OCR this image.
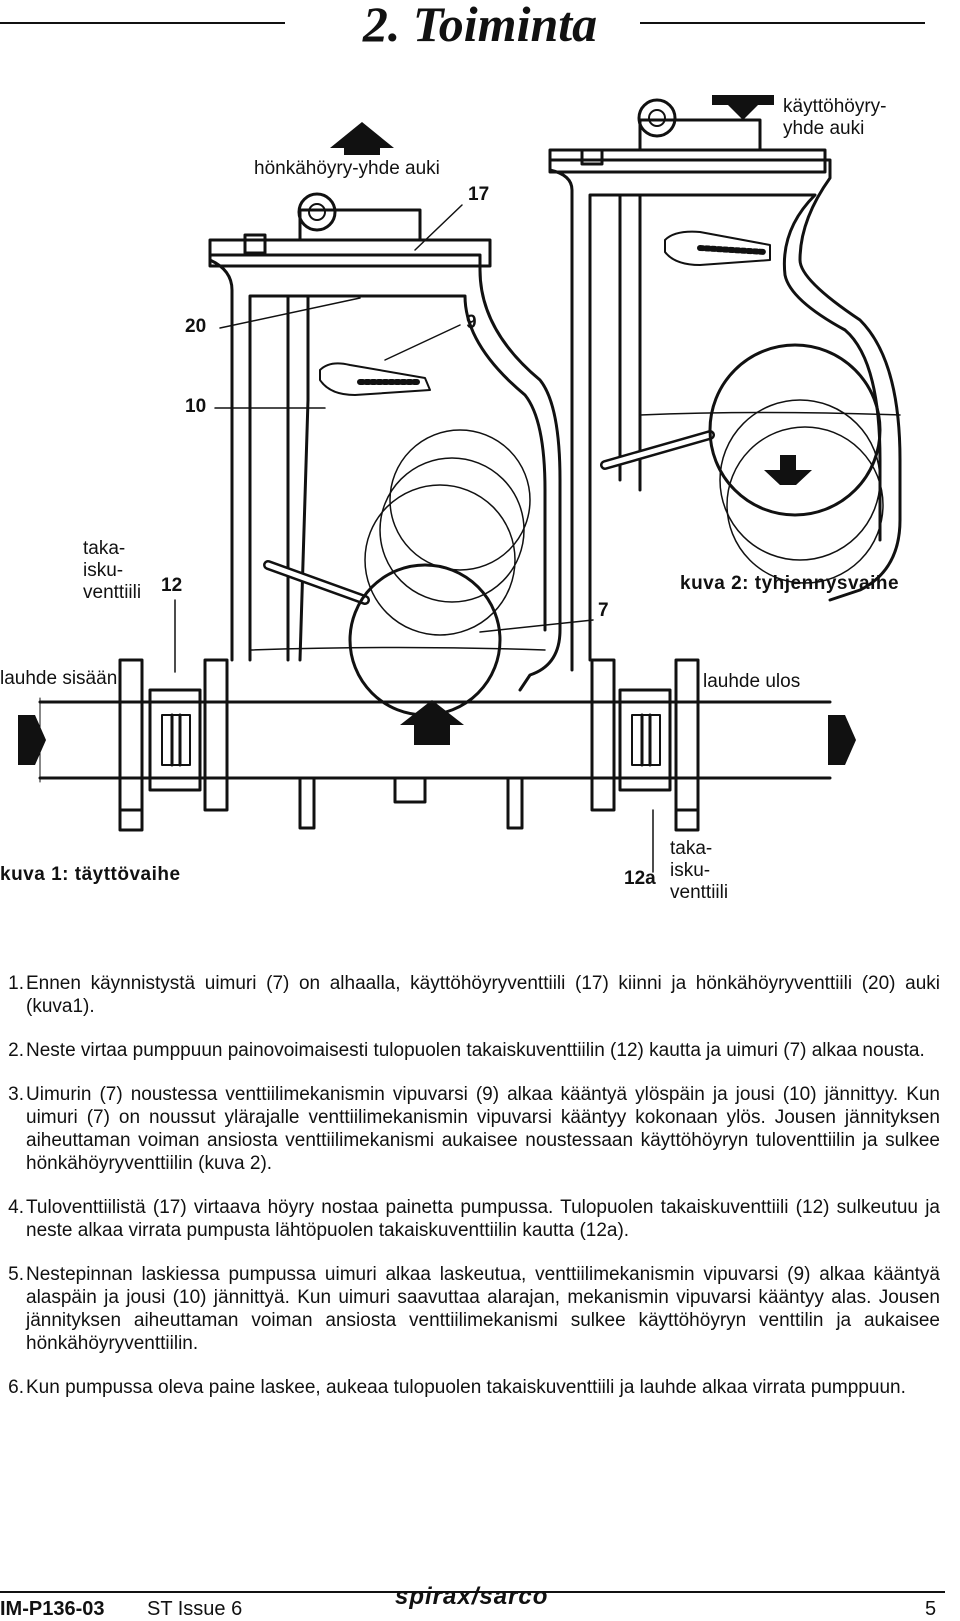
2. Toiminta
hönkähöyry-yhde auki
17
käyttöhöyry-
yhde auki
20	9
10
taka-
isku-
venttiili 12
7
kuva 2: tyhjennysvaihe
lauhde sisään	lauhde ulos
kuva 1: täyttövaihe	12a
taka-
isku-
venttiili
1. Ennen käynnistystä uimuri (7) on alhaalla, käyttöhöyryventtiili (17) kiinni ja hönkähöyryventtiili (20) auki (kuva1).
2. Neste virtaa pumppuun painovoimaisesti tulopuolen takaiskuventtiilin (12) kautta ja uimuri (7) alkaa nousta.
3. Uimurin (7) noustessa venttiilimekanismin vipuvarsi (9) alkaa kääntyä ylöspäin ja jousi (10) jännittyy. Kun uimuri (7) on noussut ylärajalle venttiilimekanismin vipuvarsi kääntyy kokonaan ylös. Jousen jännityksen aiheuttaman voiman ansiosta venttiilimekanismi aukaisee noustessaan käyttöhöyryn tuloventtiilin ja sulkee hönkähöyryventtiilin (kuva 2).
4. Tuloventtiilistä (17) virtaava höyry nostaa painetta pumpussa. Tulopuolen takaiskuventtiili (12) sulkeutuu ja neste alkaa virrata pumpusta lähtöpuolen takaiskuventtiilin kautta (12a).
5. Nestepinnan laskiessa pumpussa uimuri alkaa laskeutua, venttiilimekanismin vipuvarsi (9) alkaa kääntyä alaspäin ja jousi (10) jännittyä. Kun uimuri saavuttaa alarajan, mekanismin vipuvarsi kääntyy alas. Jousen jännityksen aiheuttaman voiman ansiosta venttiilimekanismi sulkee käyttöhöyryn venttilin ja aukaisee hönkähöyryventtiilin.
6. Kun pumpussa oleva paine laskee, aukeaa tulopuolen takaiskuventtiili ja lauhde alkaa virrata pumppuun.
IM-P136-03 ST Issue 6	spirax/sarco	5
